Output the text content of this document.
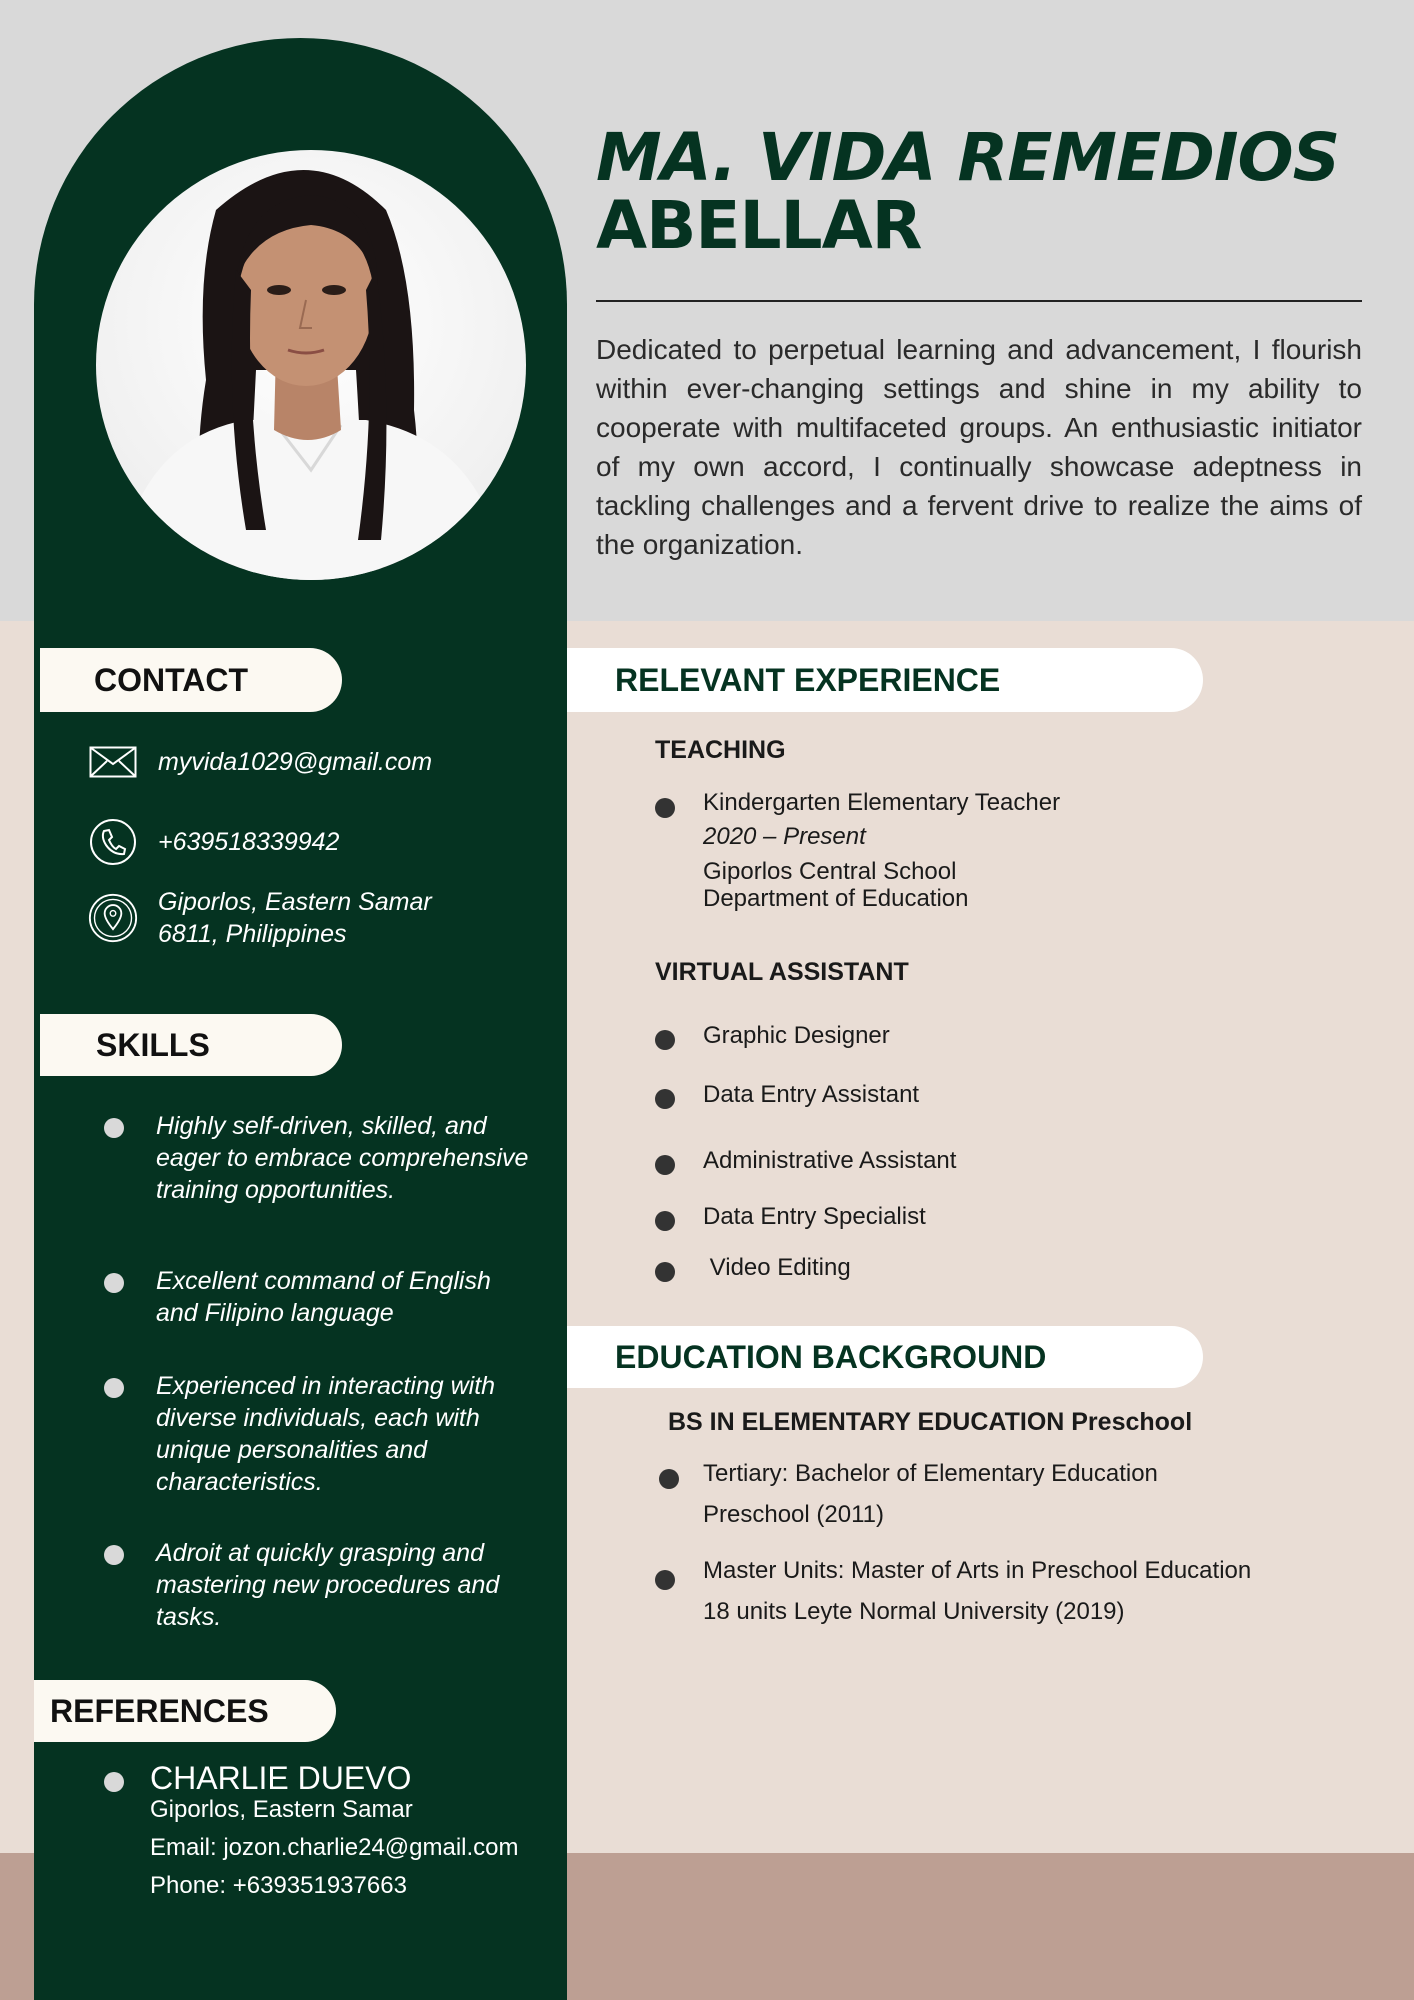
MA. VIDA REMEDIOS
ABELLAR

Dedicated to perpetual learning and advancement, I flourish within ever-changing settings and shine in my ability to cooperate with multifaceted groups. An enthusiastic initiator of my own accord, I continually showcase adeptness in tackling challenges and a fervent drive to realize the aims of the organization.

CONTACT
myvida1029@gmail.com
+639518339942
Giporlos, Eastern Samar
6811, Philippines
SKILLS
Highly self-driven, skilled, and eager to embrace comprehensive training opportunities.
Excellent command of English and Filipino language
Experienced in interacting with diverse individuals, each with unique personalities and characteristics.
Adroit at quickly grasping and mastering new procedures and tasks.
REFERENCES
CHARLIE DUEVO
Giporlos, Eastern Samar
Email: jozon.charlie24@gmail.com
Phone: +639351937663
RELEVANT EXPERIENCE
TEACHING
Kindergarten Elementary Teacher
2020 – Present
Giporlos Central School
Department of Education
VIRTUAL ASSISTANT
Graphic Designer
Data Entry Assistant
Administrative Assistant
Data Entry Specialist
Video Editing
EDUCATION BACKGROUND
BS IN ELEMENTARY EDUCATION Preschool
Tertiary: Bachelor of Elementary Education
Preschool (2011)
Master Units: Master of Arts in Preschool Education
18 units Leyte Normal University (2019)
